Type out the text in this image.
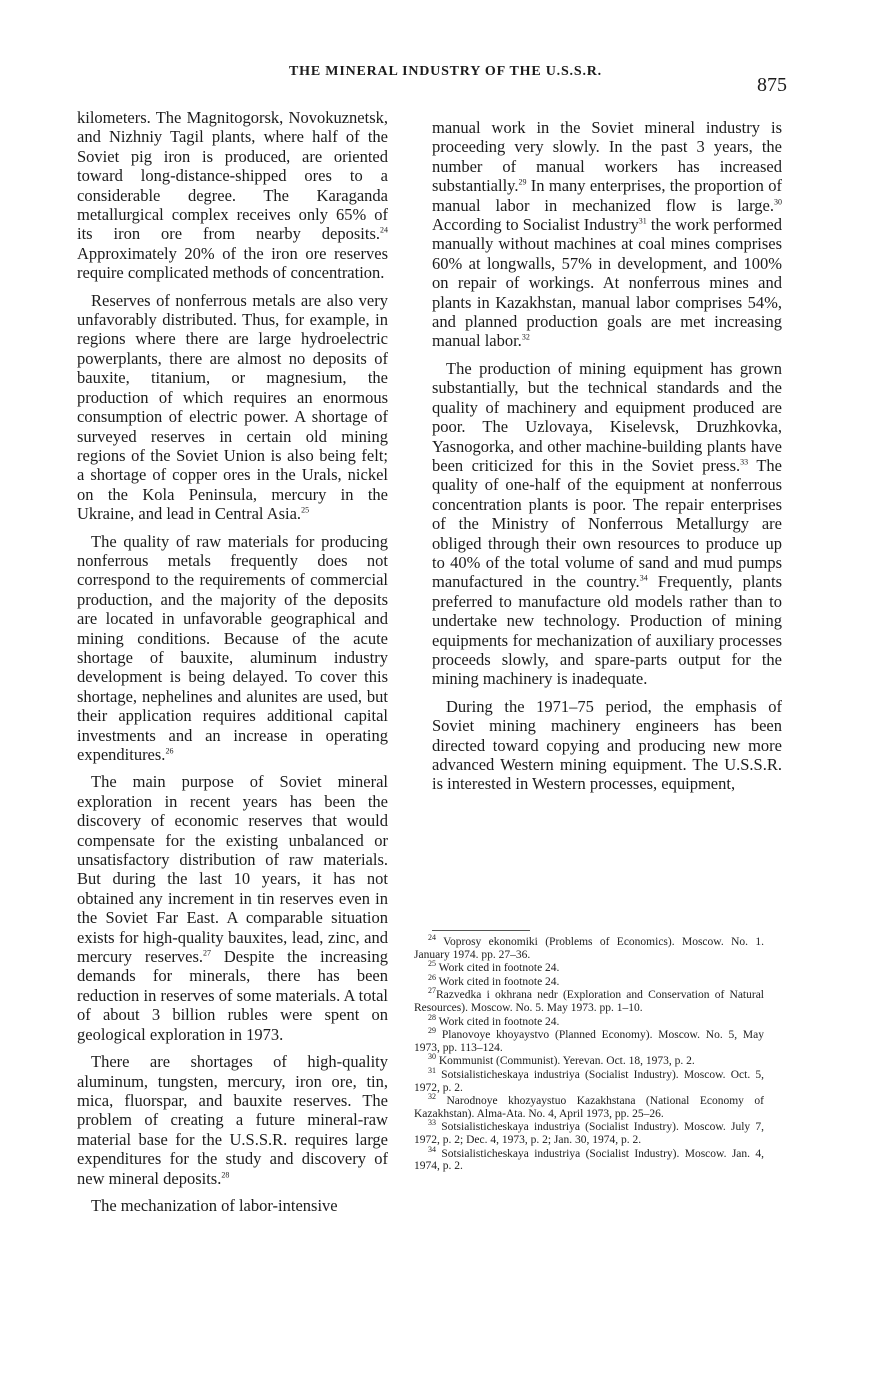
THE MINERAL INDUSTRY OF THE U.S.S.R.
875

kilometers. The Magnitogorsk, Novokuznetsk, and Nizhniy Tagil plants, where half of the Soviet pig iron is produced, are oriented toward long-distance-shipped ores to a considerable degree. The Karaganda metallurgical complex receives only 65% of its iron ore from nearby deposits.$^{24}$ Approximately 20% of the iron ore reserves require complicated methods of concentration.

Reserves of nonferrous metals are also very unfavorably distributed. Thus, for example, in regions where there are large hydroelectric powerplants, there are almost no deposits of bauxite, titanium, or magnesium, the production of which requires an enormous consumption of electric power. A shortage of surveyed reserves in certain old mining regions of the Soviet Union is also being felt; a shortage of copper ores in the Urals, nickel on the Kola Peninsula, mercury in the Ukraine, and lead in Central Asia.$^{25}$

The quality of raw materials for producing nonferrous metals frequently does not correspond to the requirements of commercial production, and the majority of the deposits are located in unfavorable geographical and mining conditions. Because of the acute shortage of bauxite, aluminum industry development is being delayed. To cover this shortage, nephelines and alunites are used, but their application requires additional capital investments and an increase in operating expenditures.$^{26}$

The main purpose of Soviet mineral exploration in recent years has been the discovery of economic reserves that would compensate for the existing unbalanced or unsatisfactory distribution of raw materials. But during the last 10 years, it has not obtained any increment in tin reserves even in the Soviet Far East. A comparable situation exists for high-quality bauxites, lead, zinc, and mercury reserves.$^{27}$ Despite the increasing demands for minerals, there has been reduction in reserves of some materials. A total of about 3 billion rubles were spent on geological exploration in 1973.

There are shortages of high-quality aluminum, tungsten, mercury, iron ore, tin, mica, fluorspar, and bauxite reserves. The problem of creating a future mineral-raw material base for the U.S.S.R. requires large expenditures for the study and discovery of new mineral deposits.$^{28}$

The mechanization of labor-intensive

manual work in the Soviet mineral industry is proceeding very slowly. In the past 3 years, the number of manual workers has increased substantially.$^{29}$ In many enterprises, the proportion of manual labor in mechanized flow is large.$^{30}$ According to Socialist Industry$^{31}$ the work performed manually without machines at coal mines comprises 60% at longwalls, 57% in development, and 100% on repair of workings. At nonferrous mines and plants in Kazakhstan, manual labor comprises 54%, and planned production goals are met increasing manual labor.$^{32}$

The production of mining equipment has grown substantially, but the technical standards and the quality of machinery and equipment produced are poor. The Uzlovaya, Kiselevsk, Druzhkovka, Yasnogorka, and other machine-building plants have been criticized for this in the Soviet press.$^{33}$ The quality of one-half of the equipment at nonferrous concentration plants is poor. The repair enterprises of the Ministry of Nonferrous Metallurgy are obliged through their own resources to produce up to 40% of the total volume of sand and mud pumps manufactured in the country.$^{34}$ Frequently, plants preferred to manufacture old models rather than to undertake new technology. Production of mining equipments for mechanization of auxiliary processes proceeds slowly, and spare-parts output for the mining machinery is inadequate.

During the 1971–75 period, the emphasis of Soviet mining machinery engineers has been directed toward copying and producing new more advanced Western mining equipment. The U.S.S.R. is interested in Western processes, equipment,

$^{24}$ Voprosy ekonomiki (Problems of Economics). Moscow. No. 1. January 1974. pp. 27–36.

$^{25}$ Work cited in footnote 24.

$^{26}$ Work cited in footnote 24.

$^{27}$Razvedka i okhrana nedr (Exploration and Conservation of Natural Resources). Moscow. No. 5. May 1973. pp. 1–10.

$^{28}$ Work cited in footnote 24.

$^{29}$ Planovoye khoyaystvo (Planned Economy). Moscow. No. 5, May 1973, pp. 113–124.

$^{30}$ Kommunist (Communist). Yerevan. Oct. 18, 1973, p. 2.

$^{31}$ Sotsialisticheskaya industriya (Socialist Industry). Moscow. Oct. 5, 1972, p. 2.

$^{32}$ Narodnoye khozyaystuo Kazakhstana (National Economy of Kazakhstan). Alma-Ata. No. 4, April 1973, pp. 25–26.

$^{33}$ Sotsialisticheskaya industriya (Socialist Industry). Moscow. July 7, 1972, p. 2; Dec. 4, 1973, p. 2; Jan. 30, 1974, p. 2.

$^{34}$ Sotsialisticheskaya industriya (Socialist Industry). Moscow. Jan. 4, 1974, p. 2.
